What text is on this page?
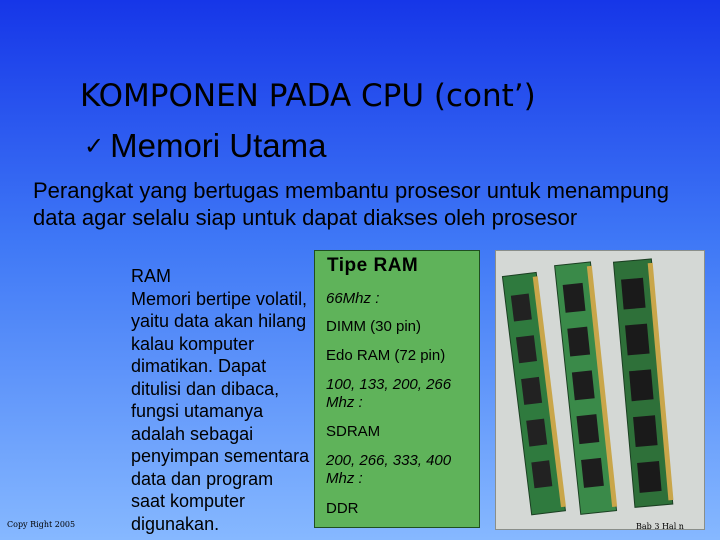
KOMPONEN PADA CPU (cont’)
✓ Memori Utama
Perangkat yang bertugas membantu prosesor untuk menampung data agar selalu siap untuk dapat diakses oleh prosesor
RAM
Memori bertipe volatil,
yaitu data akan hilang
kalau komputer
dimatikan. Dapat
ditulisi dan dibaca,
fungsi utamanya
adalah sebagai
penyimpan sementara
data dan program
saat komputer
digunakan.
Tipe RAM
66Mhz :
DIMM (30 pin)
Edo RAM (72 pin)
100, 133, 200, 266
Mhz :
SDRAM
200, 266, 333, 400
Mhz :
DDR
Copy Right 2005	Bab 3 Hal n
